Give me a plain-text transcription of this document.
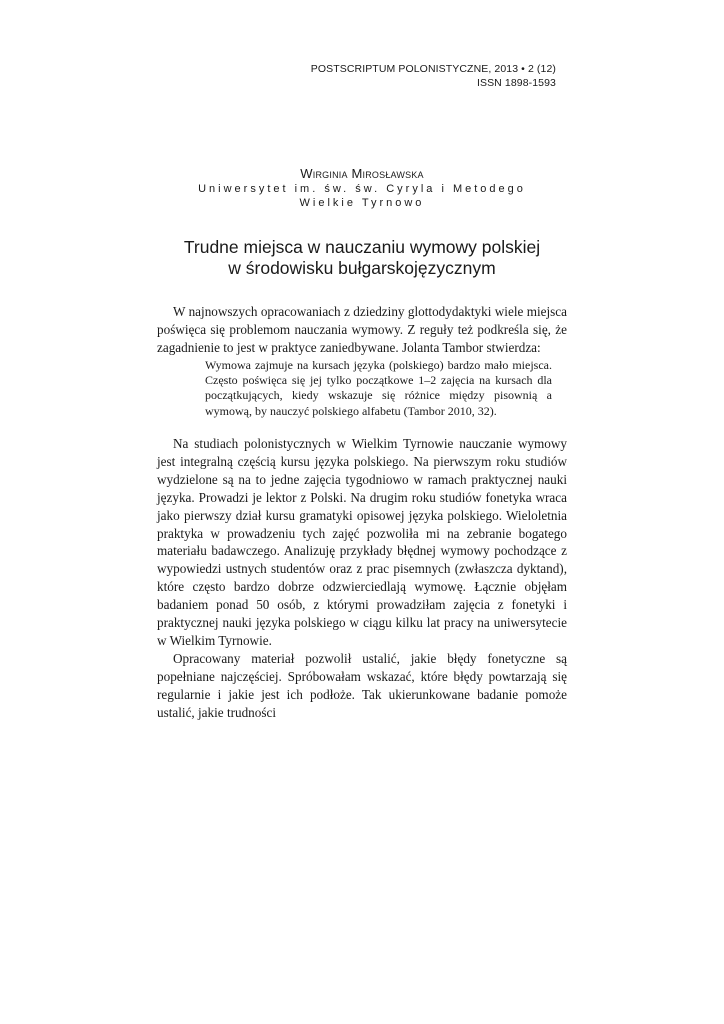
POSTSCRIPTUM POLONISTYCZNE, 2013 • 2 (12)
ISSN 1898-1593
Wirginia Mirosławska
Uniwersytet im. św. św. Cyryla i Metodego
Wielkie Tyrnowo
Trudne miejsca w nauczaniu wymowy polskiej
w środowisku bułgarskojęzycznym

W najnowszych opracowaniach z dziedziny glottodydaktyki wiele miejsca poświęca się problemom nauczania wymowy. Z reguły też podkreśla się, że zagadnienie to jest w praktyce zaniedbywane. Jolanta Tambor stwierdza:

Wymowa zajmuje na kursach języka (polskiego) bardzo mało miejsca. Często poświęca się jej tylko początkowe 1–2 zajęcia na kursach dla początkujących, kiedy wskazuje się różnice między pisownią a wymową, by nauczyć polskiego alfabetu (Tambor 2010, 32).

Na studiach polonistycznych w Wielkim Tyrnowie nauczanie wymowy jest integralną częścią kursu języka polskiego. Na pierwszym roku studiów wydzielone są na to jedne zajęcia tygodniowo w ramach praktycznej nauki języka. Prowadzi je lektor z Polski. Na drugim roku studiów fonetyka wraca jako pierwszy dział kursu gramatyki opisowej języka polskiego. Wieloletnia praktyka w prowadzeniu tych zajęć pozwoliła mi na zebranie bogatego materiału badawczego. Analizuję przykłady błędnej wymowy pochodzące z wypowiedzi ustnych studentów oraz z prac pisemnych (zwłaszcza dyktand), które często bardzo dobrze odzwierciedlają wymowę. Łącznie objęłam badaniem ponad 50 osób, z którymi prowadziłam zajęcia z fonetyki i praktycznej nauki języka polskiego w ciągu kilku lat pracy na uniwersytecie w Wielkim Tyrnowie.

Opracowany materiał pozwolił ustalić, jakie błędy fonetyczne są popełniane najczęściej. Spróbowałam wskazać, które błędy powtarzają się regularnie i jakie jest ich podłoże. Tak ukierunkowane badanie pomoże ustalić, jakie trudności
